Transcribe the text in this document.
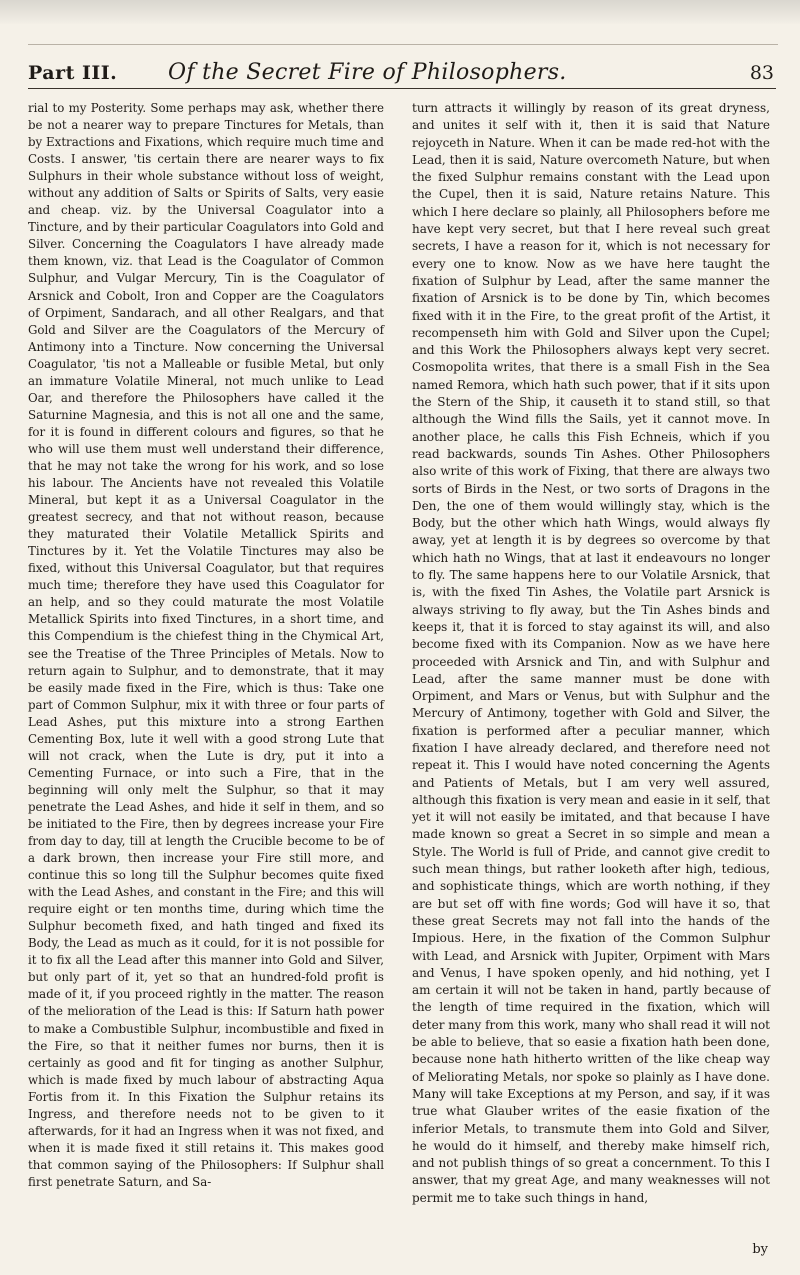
Part III. Of the Secret Fire of Philosophers.	83

rial to my Posterity. Some perhaps may ask, whether there be not a nearer way to prepare Tinctures for Metals, than by Extractions and Fixations, which require much time and Costs. I answer, 'tis certain there are nearer ways to fix Sulphurs in their whole substance without loss of weight, without any addition of Salts or Spirits of Salts, very easie and cheap. viz. by the Universal Coagulator into a Tincture, and by their particular Coagulators into Gold and Silver. Concerning the Coagulators I have already made them known, viz. that Lead is the Coagulator of Common Sulphur, and Vulgar Mercury, Tin is the Coagulator of Arsnick and Cobolt, Iron and Copper are the Coagulators of Orpiment, Sandarach, and all other Realgars, and that Gold and Silver are the Coagulators of the Mercury of Antimony into a Tincture. Now concerning the Universal Coagulator, 'tis not a Malleable or fusible Metal, but only an immature Volatile Mineral, not much unlike to Lead Oar, and therefore the Philosophers have called it the Saturnine Magnesia, and this is not all one and the same, for it is found in different colours and figures, so that he who will use them must well understand their difference, that he may not take the wrong for his work, and so lose his labour. The Ancients have not revealed this Volatile Mineral, but kept it as a Universal Coagulator in the greatest secrecy, and that not without reason, because they maturated their Volatile Metallick Spirits and Tinctures by it. Yet the Volatile Tinctures may also be fixed, without this Universal Coagulator, but that requires much time; therefore they have used this Coagulator for an help, and so they could maturate the most Volatile Metallick Spirits into fixed Tinctures, in a short time, and this Compendium is the chiefest thing in the Chymical Art, see the Treatise of the Three Principles of Metals. Now to return again to Sulphur, and to demonstrate, that it may be easily made fixed in the Fire, which is thus: Take one part of Common Sulphur, mix it with three or four parts of Lead Ashes, put this mixture into a strong Earthen Cementing Box, lute it well with a good strong Lute that will not crack, when the Lute is dry, put it into a Cementing Furnace, or into such a Fire, that in the beginning will only melt the Sulphur, so that it may penetrate the Lead Ashes, and hide it self in them, and so be initiated to the Fire, then by degrees increase your Fire from day to day, till at length the Crucible become to be of a dark brown, then increase your Fire still more, and continue this so long till the Sulphur becomes quite fixed with the Lead Ashes, and constant in the Fire; and this will require eight or ten months time, during which time the Sulphur becometh fixed, and hath tinged and fixed its Body, the Lead as much as it could, for it is not possible for it to fix all the Lead after this manner into Gold and Silver, but only part of it, yet so that an hundred-fold profit is made of it, if you proceed rightly in the matter. The reason of the melioration of the Lead is this: If Saturn hath power to make a Combustible Sulphur, incombustible and fixed in the Fire, so that it neither fumes nor burns, then it is certainly as good and fit for tinging as another Sulphur, which is made fixed by much labour of abstracting Aqua Fortis from it. In this Fixation the Sulphur retains its Ingress, and therefore needs not to be given to it afterwards, for it had an Ingress when it was not fixed, and when it is made fixed it still retains it. This makes good that common saying of the Philosophers: If Sulphur shall first penetrate Saturn, and Sa-

turn attracts it willingly by reason of its great dryness, and unites it self with it, then it is said that Nature rejoyceth in Nature. When it can be made red-hot with the Lead, then it is said, Nature overcometh Nature, but when the fixed Sulphur remains constant with the Lead upon the Cupel, then it is said, Nature retains Nature. This which I here declare so plainly, all Philosophers before me have kept very secret, but that I here reveal such great secrets, I have a reason for it, which is not necessary for every one to know. Now as we have here taught the fixation of Sulphur by Lead, after the same manner the fixation of Arsnick is to be done by Tin, which becomes fixed with it in the Fire, to the great profit of the Artist, it recompenseth him with Gold and Silver upon the Cupel; and this Work the Philosophers always kept very secret. Cosmopolita writes, that there is a small Fish in the Sea named Remora, which hath such power, that if it sits upon the Stern of the Ship, it causeth it to stand still, so that although the Wind fills the Sails, yet it cannot move. In another place, he calls this Fish Echneis, which if you read backwards, sounds Tin Ashes. Other Philosophers also write of this work of Fixing, that there are always two sorts of Birds in the Nest, or two sorts of Dragons in the Den, the one of them would willingly stay, which is the Body, but the other which hath Wings, would always fly away, yet at length it is by degrees so overcome by that which hath no Wings, that at last it endeavours no longer to fly. The same happens here to our Volatile Arsnick, that is, with the fixed Tin Ashes, the Volatile part Arsnick is always striving to fly away, but the Tin Ashes binds and keeps it, that it is forced to stay against its will, and also become fixed with its Companion. Now as we have here proceeded with Arsnick and Tin, and with Sulphur and Lead, after the same manner must be done with Orpiment, and Mars or Venus, but with Sulphur and the Mercury of Antimony, together with Gold and Silver, the fixation is performed after a peculiar manner, which fixation I have already declared, and therefore need not repeat it. This I would have noted concerning the Agents and Patients of Metals, but I am very well assured, although this fixation is very mean and easie in it self, that yet it will not easily be imitated, and that because I have made known so great a Secret in so simple and mean a Style. The World is full of Pride, and cannot give credit to such mean things, but rather looketh after high, tedious, and sophisticate things, which are worth nothing, if they are but set off with fine words; God will have it so, that these great Secrets may not fall into the hands of the Impious. Here, in the fixation of the Common Sulphur with Lead, and Arsnick with Jupiter, Orpiment with Mars and Venus, I have spoken openly, and hid nothing, yet I am certain it will not be taken in hand, partly because of the length of time required in the fixation, which will deter many from this work, many who shall read it will not be able to believe, that so easie a fixation hath been done, because none hath hitherto written of the like cheap way of Meliorating Metals, nor spoke so plainly as I have done. Many will take Exceptions at my Person, and say, if it was true what Glauber writes of the easie fixation of the inferior Metals, to transmute them into Gold and Silver, he would do it himself, and thereby make himself rich, and not publish things of so great a concernment. To this I answer, that my great Age, and many weaknesses will not permit me to take such things in hand,

by
